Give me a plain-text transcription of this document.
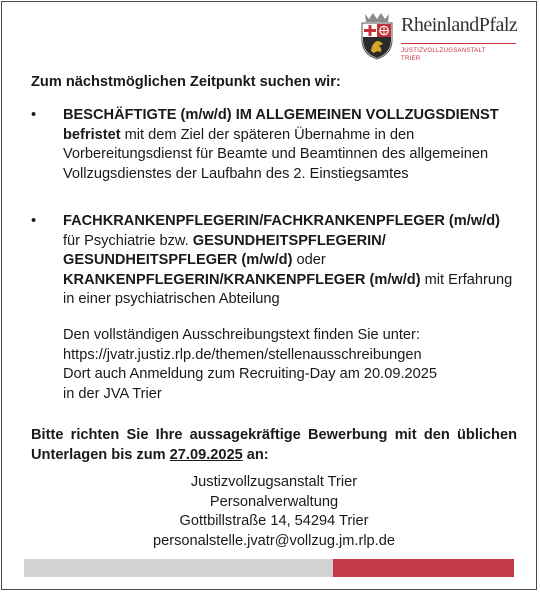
RheinlandPfalz
JUSTIZVOLLZUGSANSTALT
TRIER
Zum nächstmöglichen Zeitpunkt suchen wir:
• BESCHÄFTIGTE (m/w/d) IM ALLGEMEINEN VOLLZUGSDIENST befristet mit dem Ziel der späteren Übernahme in den Vorbereitungsdienst für Beamte und Beamtinnen des allgemeinen Vollzugsdienstes der Laufbahn des 2. Einstiegsamtes
• FACHKRANKENPFLEGERIN/FACHKRANKENPFLEGER (m/w/d) für Psychiatrie bzw. GESUNDHEITSPFLEGERIN/ GESUNDHEITSPFLEGER (m/w/d) oder KRANKENPFLEGERIN/KRANKENPFLEGER (m/w/d) mit Erfahrung in einer psychiatrischen Abteilung
Den vollständigen Ausschreibungstext finden Sie unter:
https://jvatr.justiz.rlp.de/themen/stellenausschreibungen
Dort auch Anmeldung zum Recruiting-Day am 20.09.2025
in der JVA Trier
Bitte richten Sie Ihre aussagekräftige Bewerbung mit den üblichen Unterlagen bis zum 27.09.2025 an:
Justizvollzugsanstalt Trier
Personalverwaltung
Gottbillstraße 14, 54294 Trier
personalstelle.jvatr@vollzug.jm.rlp.de
